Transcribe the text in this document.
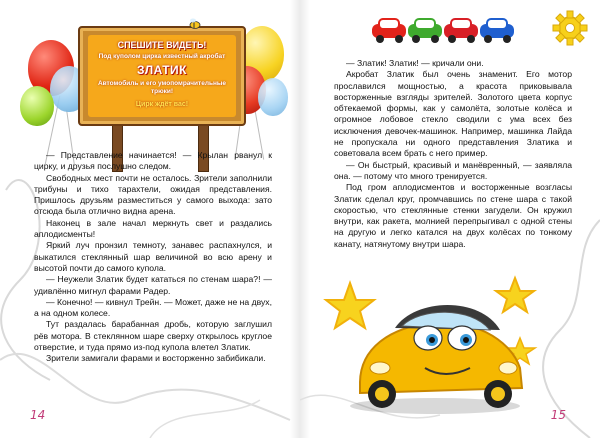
СПЕШИТЕ ВИДЕТЬ!

Под куполом цирка известный акробат

ЗЛАТИК

Автомобиль и его умопомрачительные трюки!

Цирк ждёт вас!

— Представление начинается! — Крылан рванул к цирку, и друзья послушно следом.

Свободных мест почти не осталось. Зрители заполнили трибуны и тихо тарахтели, ожидая представления. Пришлось друзьям разместиться у самого выхода: зато отсюда была отлично видна арена.

Наконец в зале начал меркнуть свет и раздались аплодисменты!

Яркий луч пронзил темноту, занавес распахнулся, и выкатился стеклянный шар величиной во всю арену и высотой почти до самого купола.

— Неужели Златик будет кататься по стенам шара?! — удивлённо мигнул фарами Радер.

— Конечно! — кивнул Трейн. — Может, даже не на двух, а на одном колесе.

Тут раздалась барабанная дробь, которую заглушил рёв мотора. В стеклянном шаре сверху открылось круглое отверстие, и туда прямо из-под купола влетел Златик.

Зрители замигали фарами и восторженно забибикали.

14

— Златик! Златик! — кричали они.

Акробат Златик был очень знаменит. Его мотор прославился мощностью, а красота приковывала восторженные взгляды зрителей. Золотого цвета корпус обтекаемой формы, как у самолёта, золотые колёса и огромное лобовое стекло сводили с ума всех без исключения девочек-машинок. Например, машинка Лайда не пропускала ни одного представления Златика и советовала всем брать с него пример.

— Он быстрый, красивый и манёвренный, — заявляла она. — потому что много тренируется.

Под гром аплодисментов и восторженные возгласы Златик сделал круг, промчавшись по стене шара с такой скоростью, что стеклянные стенки загудели. Он кружил внутри, как ракета, молнией перепрыгивал с одной стены на другую и легко катался на двух колёсах по тонкому канату, натянутому внутри шара.

15
